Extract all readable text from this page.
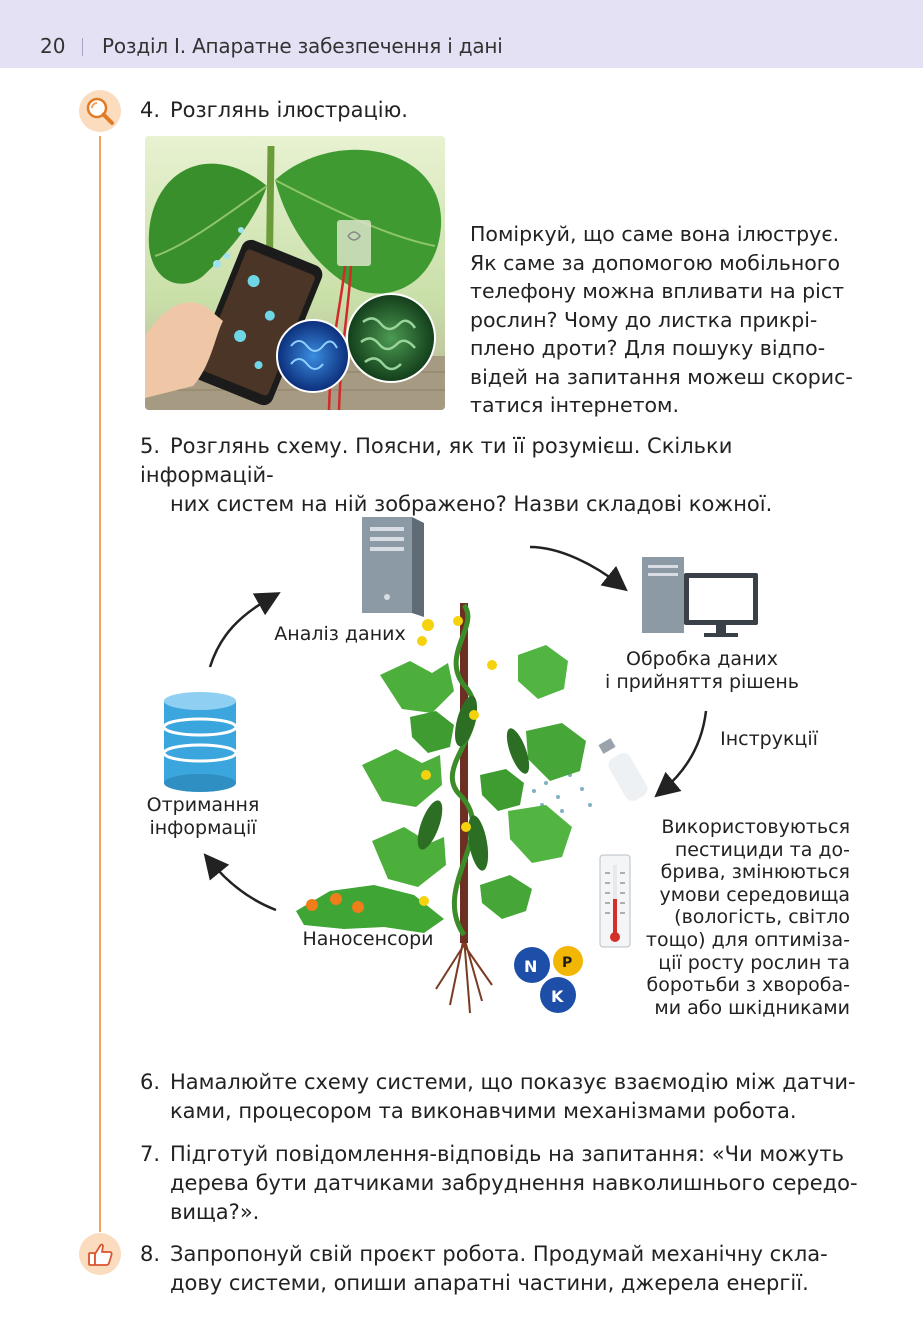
20 Розділ І. Апаратне забезпечення і дані
4. Розглянь ілюстрацію.
Поміркуй, що саме вона ілюструє.
Як саме за допомогою мобільного
телефону можна впливати на ріст
рослин? Чому до листка прикрі-
плено дроти? Для пошуку відпо-
відей на запитання можеш скорис-
татися інтернетом.
5. Розглянь схему. Поясни, як ти її розумієш. Скільки інформацій-
них систем на ній зображено? Назви складові кожної.
N P
K
Аналіз даних
Обробка даних
і прийняття рішень
Інструкції
Отримання
інформації
Наносенсори
Використовуються
пестициди та до-
брива, змінюються
умови середовища
(вологість, світло
тощо) для оптиміза-
ції росту рослин та
боротьби з хвороба-
ми або шкідниками
6. Намалюйте схему системи, що показує взаємодію між датчи-
ками, процесором та виконавчими механізмами робота.
7. Підготуй повідомлення-відповідь на запитання: «Чи можуть
дерева бути датчиками забруднення навколишнього середо-
вища?».
8. Запропонуй свій проєкт робота. Продумай механічну скла-
дову системи, опиши апаратні частини, джерела енергії.
